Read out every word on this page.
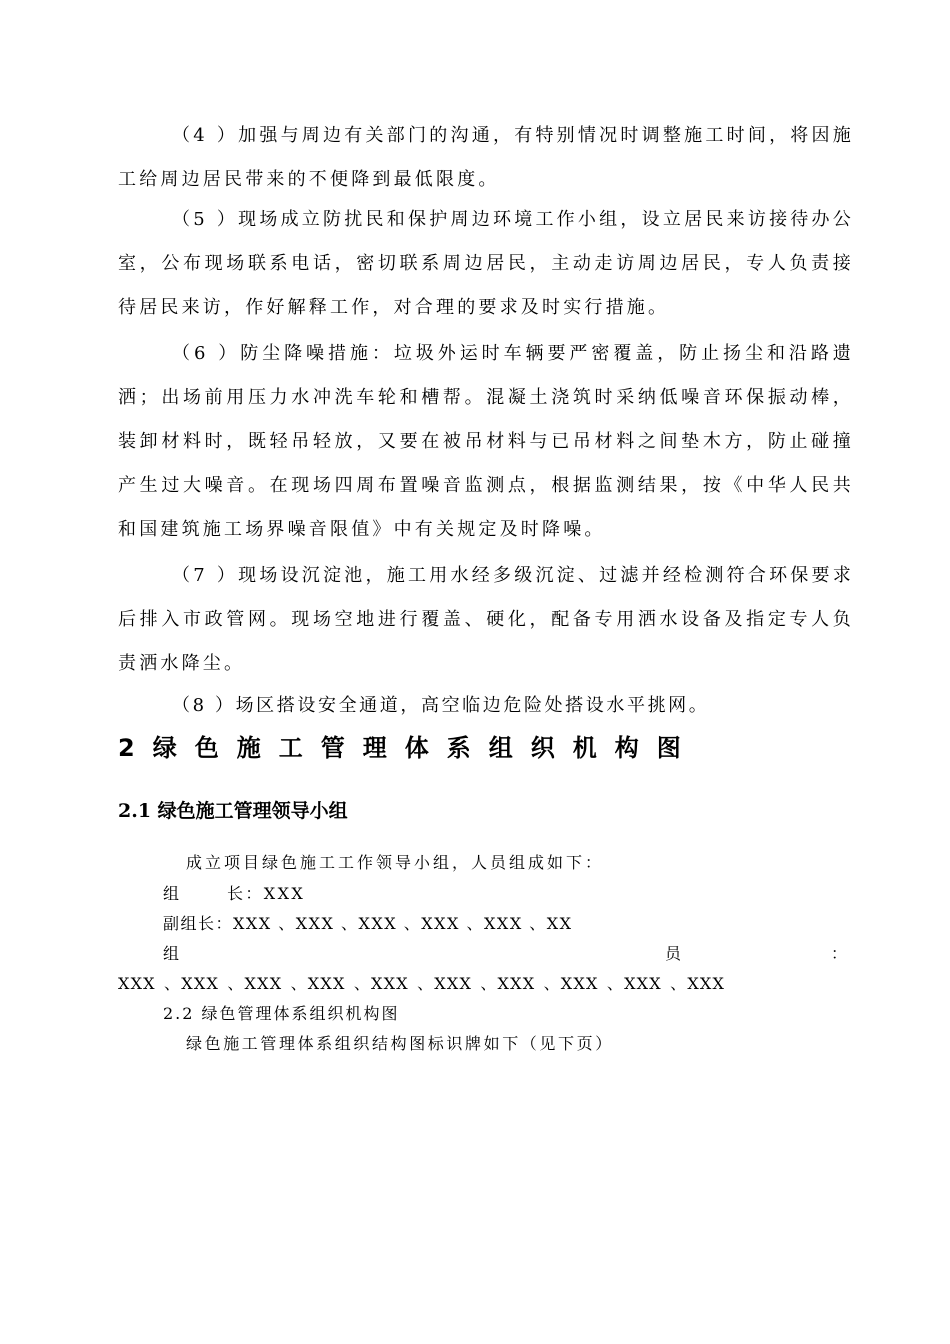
（4 ）加强与周边有关部门的沟通，有特别情况时调整施工时间，将因施工给周边居民带来的不便降到最低限度。

（5 ）现场成立防扰民和保护周边环境工作小组，设立居民来访接待办公室，公布现场联系电话，密切联系周边居民，主动走访周边居民，专人负责接待居民来访，作好解释工作，对合理的要求及时实行措施。

（6 ）防尘降噪措施：垃圾外运时车辆要严密覆盖，防止扬尘和沿路遗洒；出场前用压力水冲洗车轮和槽帮。混凝土浇筑时采纳低噪音环保振动棒，装卸材料时，既轻吊轻放，又要在被吊材料与已吊材料之间垫木方，防止碰撞产生过大噪音。在现场四周布置噪音监测点，根据监测结果，按《中华人民共和国建筑施工场界噪音限值》中有关规定及时降噪。

（7 ）现场设沉淀池，施工用水经多级沉淀、过滤并经检测符合环保要求后排入市政管网。现场空地进行覆盖、硬化，配备专用洒水设备及指定专人负责洒水降尘。

（8 ）场区搭设安全通道，高空临边危险处搭设水平挑网。

2绿色施工管理体系组织机构图
2.1 绿色施工管理领导小组

成立项目绿色施工工作领导小组，人员组成如下：

组	长：XXX

副组长：XXX 、XXX 、XXX 、XXX 、XXX 、XX

组	员	：

XXX 、XXX 、XXX 、XXX 、XXX 、XXX 、XXX 、XXX 、XXX 、XXX

2.2 绿色管理体系组织机构图

绿色施工管理体系组织结构图标识牌如下（见下页）
